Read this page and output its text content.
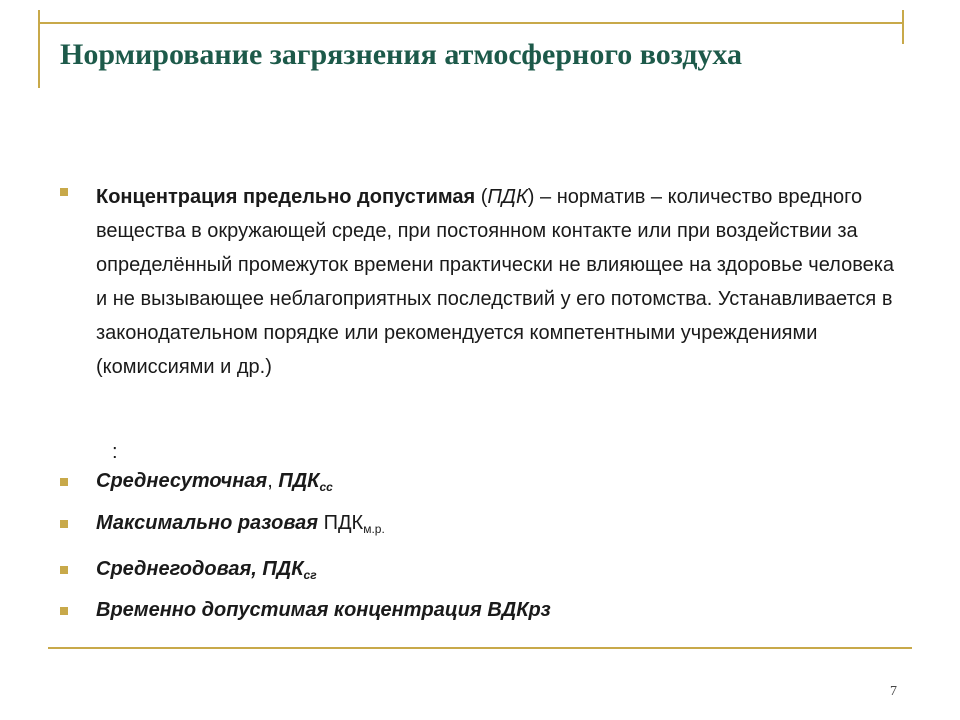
Нормирование загрязнения атмосферного воздуха

Концентрация предельно допустимая (ПДК) – норматив – количество вредного вещества в окружающей среде, при постоянном контакте или при воздействии за определённый промежуток времени практически не влияющее на здоровье человека и не вызывающее неблагоприятных последствий у его потомства. Устанавливается в законодательном порядке или рекомендуется компетентными учреждениями (комиссиями и др.)

:

Среднесуточная, $ПДК_{сс}$

Максимально разовая $ПДК_{м.р.}$

Среднегодовая, $ПДК_{сг}$

Временно допустимая концентрация ВДКрз

7
